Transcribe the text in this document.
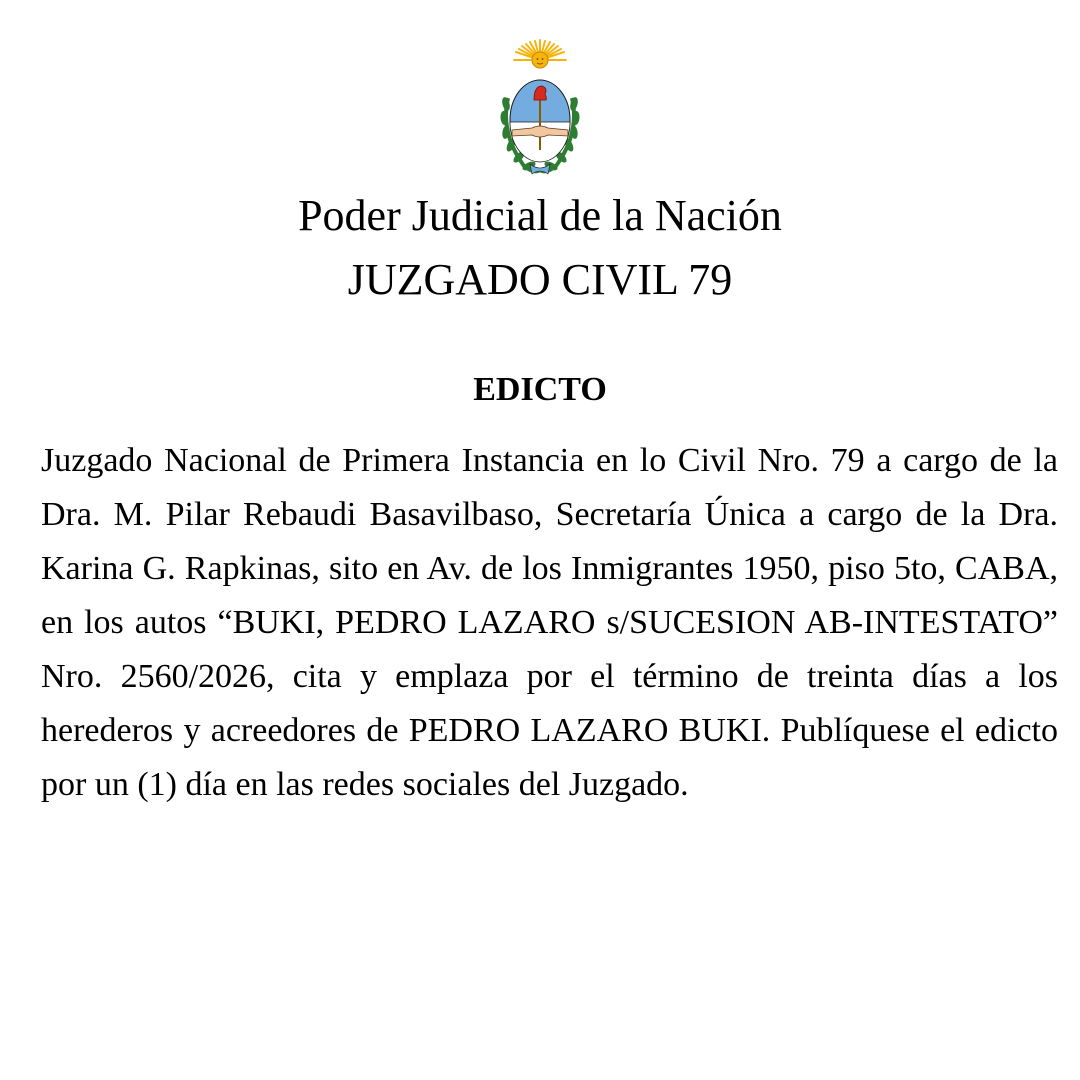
Poder Judicial de la Nación
JUZGADO CIVIL 79
EDICTO

Juzgado Nacional de Primera Instancia en lo Civil Nro. 79 a cargo de la Dra. M. Pilar Rebaudi Basavilbaso, Secretaría Única a cargo de la Dra. Karina G. Rapkinas, sito en Av. de los Inmigrantes 1950, piso 5to, CABA, en los autos “BUKI, PEDRO LAZARO s/SUCESION AB-INTESTATO” Nro. 2560/2026, cita y emplaza por el término de treinta días a los herederos y acreedores de PEDRO LAZARO BUKI. Publíquese el edicto por un (1) día en las redes sociales del Juzgado.
